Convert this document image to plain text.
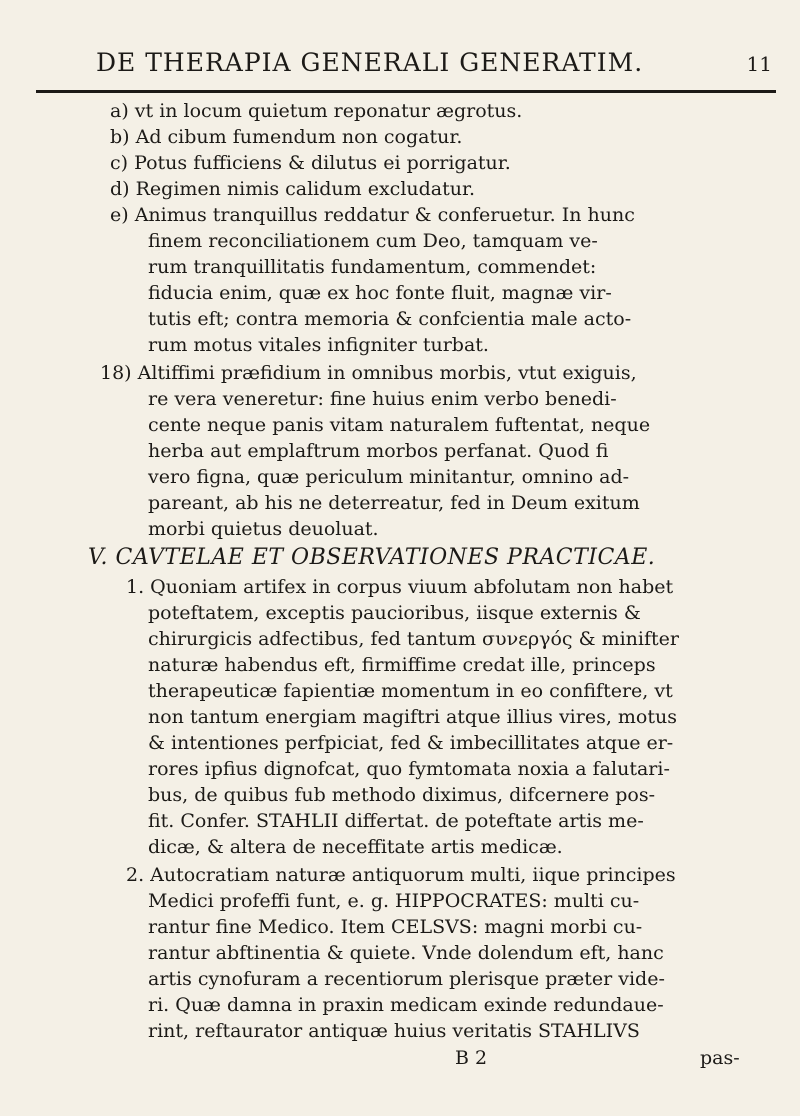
DE THERAPIA GENERALI GENERATIM.	11
a) vt in locum quietum reponatur ægrotus.
b) Ad cibum fumendum non cogatur.
c) Potus fufficiens & dilutus ei porrigatur.
d) Regimen nimis calidum excludatur.
e) Animus tranquillus reddatur & conferuetur. In hunc
finem reconciliationem cum Deo, tamquam ve-
rum tranquillitatis fundamentum, commendet:
fiducia enim, quæ ex hoc fonte fluit, magnæ vir-
tutis eft; contra memoria & confcientia male acto-
rum motus vitales infigniter turbat.
18) Altiffimi præfidium in omnibus morbis, vtut exiguis,
re vera veneretur: fine huius enim verbo benedi-
cente neque panis vitam naturalem fuftentat, neque
herba aut emplaftrum morbos perfanat. Quod fi
vero figna, quæ periculum minitantur, omnino ad-
pareant, ab his ne deterreatur, fed in Deum exitum
morbi quietus deuoluat.
V. CAVTELAE ET OBSERVATIONES PRACTICAE.
1. Quoniam artifex in corpus viuum abfolutam non habet
poteftatem, exceptis paucioribus, iisque externis &
chirurgicis adfectibus, fed tantum συνεργός & minifter
naturæ habendus eft, firmiffime credat ille, princeps
therapeuticæ fapientiæ momentum in eo confiftere, vt
non tantum energiam magiftri atque illius vires, motus
& intentiones perfpiciat, fed & imbecillitates atque er-
rores ipfius dignofcat, quo fymtomata noxia a falutari-
bus, de quibus fub methodo diximus, difcernere pos-
fit. Confer. STAHLII differtat. de poteftate artis me-
dicæ, & altera de neceffitate artis medicæ.
2. Autocratiam naturæ antiquorum multi, iique principes
Medici profeffi funt, e. g. HIPPOCRATES: multi cu-
rantur fine Medico. Item CELSVS: magni morbi cu-
rantur abftinentia & quiete. Vnde dolendum eft, hanc
artis cynofuram a recentiorum plerisque præter vide-
ri. Quæ damna in praxin medicam exinde redundaue-
rint, reftaurator antiquæ huius veritatis STAHLIVS
B 2	pas-
